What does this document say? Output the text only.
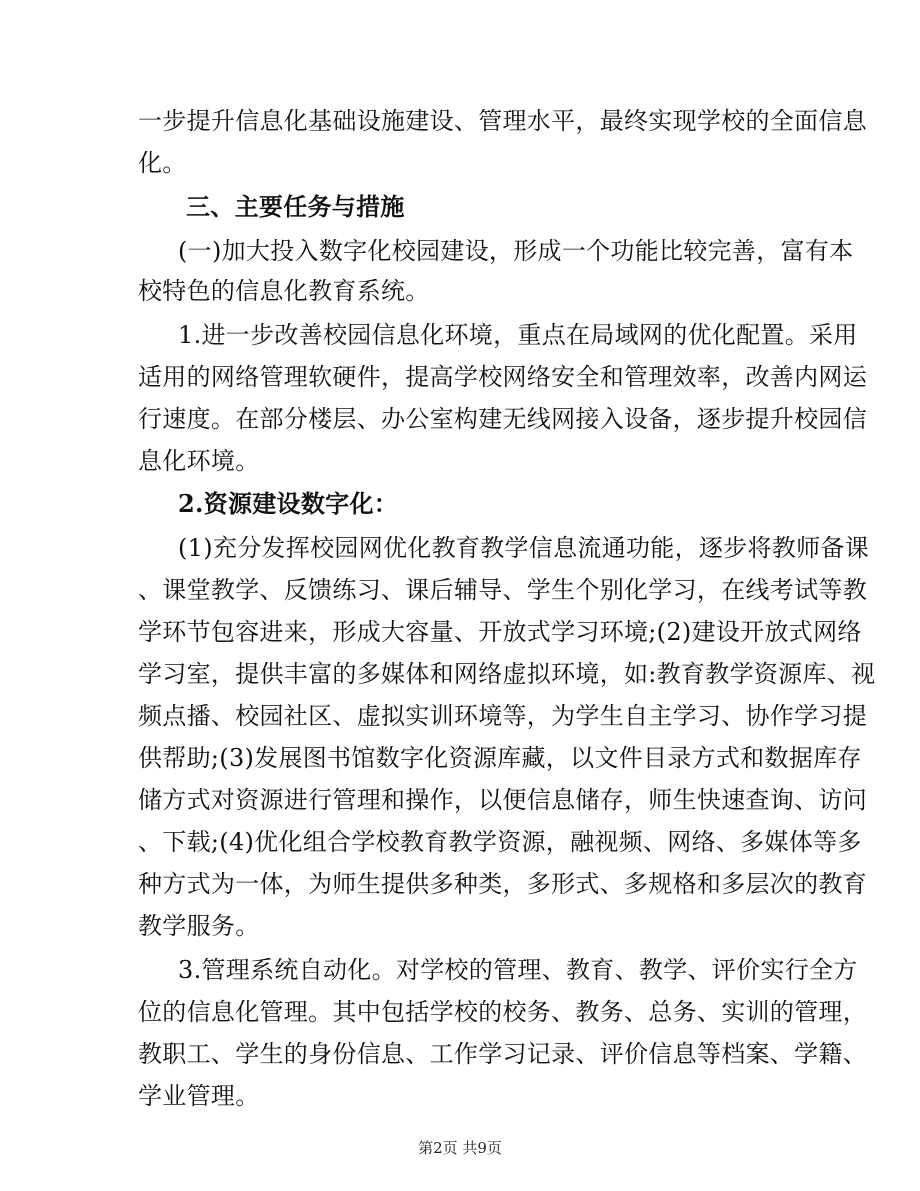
一步提升信息化基础设施建设、管理水平，最终实现学校的全面信息
化。
三、主要任务与措施
(一)加大投入数字化校园建设，形成一个功能比较完善，富有本
校特色的信息化教育系统。
1.进一步改善校园信息化环境，重点在局域网的优化配置。采用
适用的网络管理软硬件，提高学校网络安全和管理效率，改善内网运
行速度。在部分楼层、办公室构建无线网接入设备，逐步提升校园信
息化环境。
2.资源建设数字化：
(1)充分发挥校园网优化教育教学信息流通功能，逐步将教师备课
、课堂教学、反馈练习、课后辅导、学生个别化学习，在线考试等教
学环节包容进来，形成大容量、开放式学习环境;(2)建设开放式网络
学习室，提供丰富的多媒体和网络虚拟环境，如:教育教学资源库、视
频点播、校园社区、虚拟实训环境等，为学生自主学习、协作学习提
供帮助;(3)发展图书馆数字化资源库藏，以文件目录方式和数据库存
储方式对资源进行管理和操作，以便信息储存，师生快速查询、访问
、下载;(4)优化组合学校教育教学资源，融视频、网络、多媒体等多
种方式为一体，为师生提供多种类，多形式、多规格和多层次的教育
教学服务。
3.管理系统自动化。对学校的管理、教育、教学、评价实行全方
位的信息化管理。其中包括学校的校务、教务、总务、实训的管理，
教职工、学生的身份信息、工作学习记录、评价信息等档案、学籍、
学业管理。
第2页 共9页
